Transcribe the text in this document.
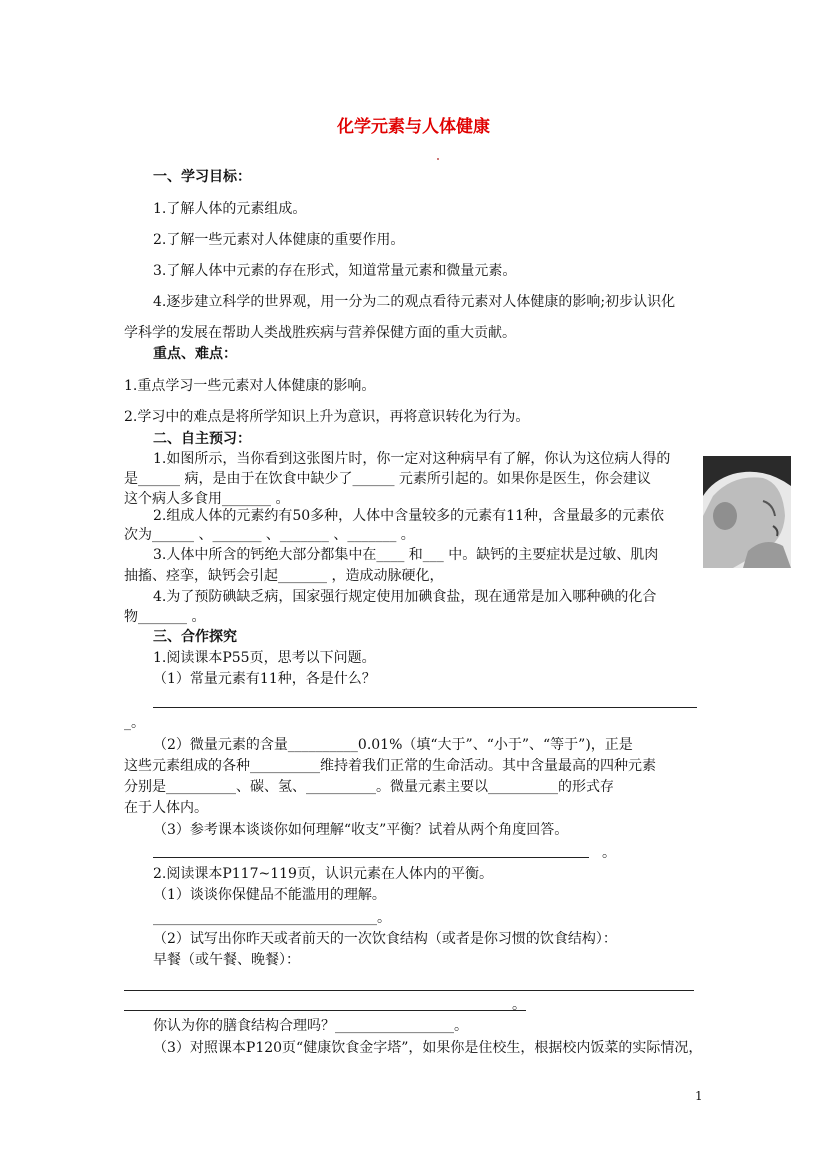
化学元素与人体健康
一、学习目标：
1.了解人体的元素组成。
2.了解一些元素对人体健康的重要作用。
3.了解人体中元素的存在形式，知道常量元素和微量元素。
4.逐步建立科学的世界观，用一分为二的观点看待元素对人体健康的影响;初步认识化
学科学的发展在帮助人类战胜疾病与营养保健方面的重大贡献。
重点、难点：
1.重点学习一些元素对人体健康的影响。
2.学习中的难点是将所学知识上升为意识，再将意识转化为行为。
二、自主预习：
1.如图所示，当你看到这张图片时，你一定对这种病早有了解，你认为这位病人得的
是______ 病，是由于在饮食中缺少了______ 元素所引起的。如果你是医生，你会建议
这个病人多食用_______ 。
2.组成人体的元素约有50多种，人体中含量较多的元素有11种，含量最多的元素依
次为______ 、_______ 、_______ 、_______ 。
3.人体中所含的钙绝大部分都集中在____ 和___ 中。缺钙的主要症状是过敏、肌肉
抽搐、痉挛，缺钙会引起_______ ，造成动脉硬化，
4.为了预防碘缺乏病，国家强行规定使用加碘食盐，现在通常是加入哪种碘的化合
物_______ 。
三、合作探究
1.阅读课本P55页，思考以下问题。
（1）常量元素有11种，各是什么？
_。
（2）微量元素的含量__________0.01%（填“大于”、“小于”、“等于”)，正是
这些元素组成的各种__________维持着我们正常的生命活动。其中含量最高的四种元素
分别是__________、碳、氢、__________。微量元素主要以__________的形式存
在于人体内。
（3）参考课本谈谈你如何理解“收支”平衡？试着从两个角度回答。
。
2.阅读课本P117~119页，认识元素在人体内的平衡。
（1）谈谈你保健品不能滥用的理解。
________________________________。
（2）试写出你昨天或者前天的一次饮食结构（或者是你习惯的饮食结构）：
早餐（或午餐、晚餐）：
。
你认为你的膳食结构合理吗？_________________。
（3）对照课本P120页“健康饮食金字塔”，如果你是住校生，根据校内饭菜的实际情况，
1
